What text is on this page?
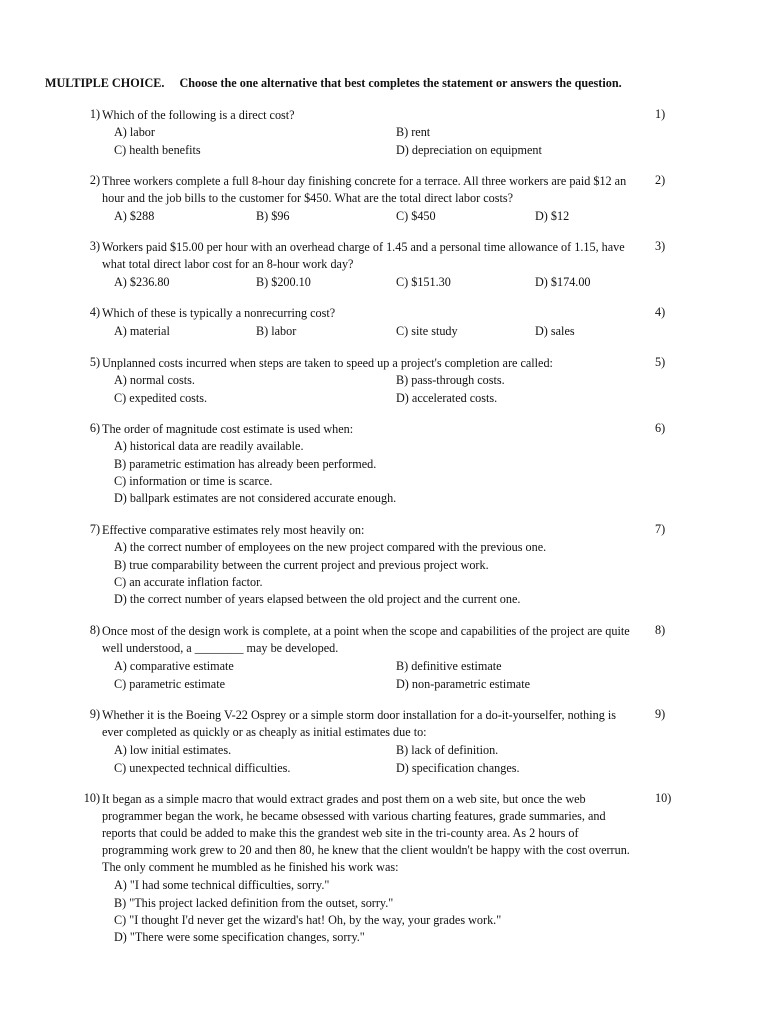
MULTIPLE CHOICE. Choose the one alternative that best completes the statement or answers the question.
1) Which of the following is a direct cost?	1)
A) labor	B) rent
C) health benefits	D) depreciation on equipment
2) Three workers complete a full 8-hour day finishing concrete for a terrace. All three workers are paid $12 an hour and the job bills to the customer for $450. What are the total direct labor costs?
2)
A) $288	B) $96	C) $450	D) $12
3) Workers paid $15.00 per hour with an overhead charge of 1.45 and a personal time allowance of 1.15, have what total direct labor cost for an 8-hour work day?
3)
A) $236.80	B) $200.10	C) $151.30	D) $174.00
4) Which of these is typically a nonrecurring cost?	4)
A) material	B) labor	C) site study	D) sales
5) Unplanned costs incurred when steps are taken to speed up a project's completion are called:	5)
A) normal costs.	B) pass-through costs.
C) expedited costs.	D) accelerated costs.
6) The order of magnitude cost estimate is used when:	6)
A) historical data are readily available.
B) parametric estimation has already been performed.
C) information or time is scarce.
D) ballpark estimates are not considered accurate enough.
7) Effective comparative estimates rely most heavily on:	7)
A) the correct number of employees on the new project compared with the previous one.
B) true comparability between the current project and previous project work.
C) an accurate inflation factor.
D) the correct number of years elapsed between the old project and the current one.
8) Once most of the design work is complete, at a point when the scope and capabilities of the project are quite well understood, a ________ may be developed.
8)
A) comparative estimate	B) definitive estimate
C) parametric estimate	D) non-parametric estimate
9) Whether it is the Boeing V-22 Osprey or a simple storm door installation for a do-it-yourselfer, nothing is ever completed as quickly or as cheaply as initial estimates due to:
9)
A) low initial estimates.	B) lack of definition.
C) unexpected technical difficulties.	D) specification changes.
10) It began as a simple macro that would extract grades and post them on a web site, but once the web programmer began the work, he became obsessed with various charting features, grade summaries, and reports that could be added to make this the grandest web site in the tri-county area. As 2 hours of programming work grew to 20 and then 80, he knew that the client wouldn't be happy with the cost overrun. The only comment he mumbled as he finished his work was:
10)
A) "I had some technical difficulties, sorry."
B) "This project lacked definition from the outset, sorry."
C) "I thought I'd never get the wizard's hat! Oh, by the way, your grades work."
D) "There were some specification changes, sorry."
